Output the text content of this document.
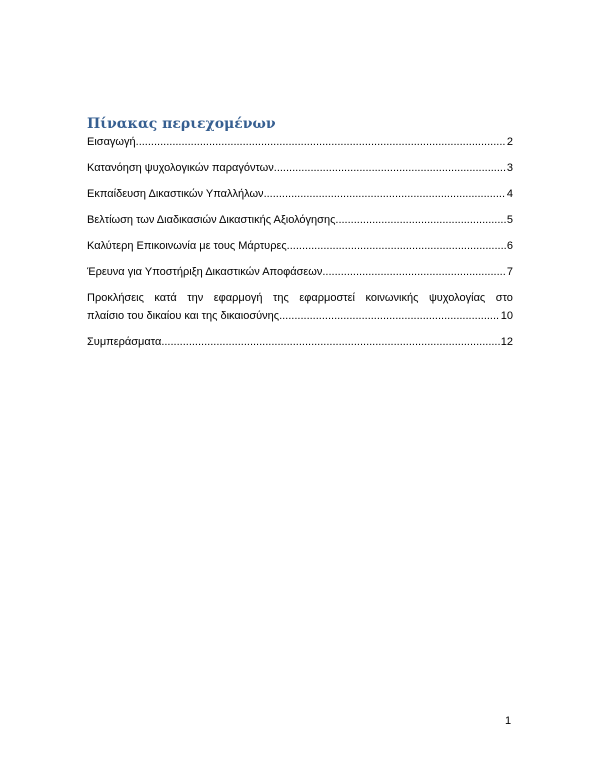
Πίνακας περιεχομένων
Εισαγωγή .....	2
Κατανόηση ψυχολογικών παραγόντων .....	3
Εκπαίδευση Δικαστικών Υπαλλήλων .....	4
Βελτίωση των Διαδικασιών Δικαστικής Αξιολόγησης .....	5
Καλύτερη Επικοινωνία με τους Μάρτυρες .....	6
Έρευνα για Υποστήριξη Δικαστικών Αποφάσεων .....	7
Προκλήσεις κατά την εφαρμογή της εφαρμοστεί κοινωνικής ψυχολογίας στο
πλαίσιο του δικαίου και της δικαιοσύνης .....	10
Συμπεράσματα .....	12
1
